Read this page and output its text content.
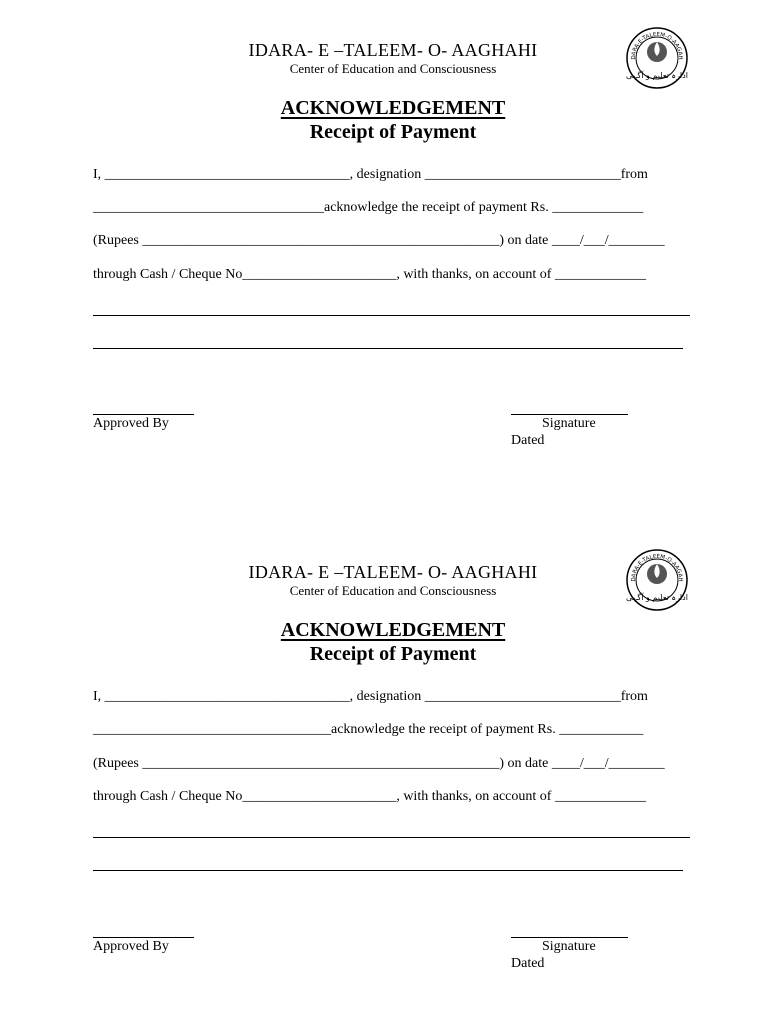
IDARA- E –TALEEM- O- AAGHAHI
Center of Education and Consciousness
DARA-E-TALEEM-O-AAGAH
ادارہ تعلیم و آگہی
ACKNOWLEDGEMENT
Receipt of Payment
I, ___________________________________, designation ____________________________from
_________________________________acknowledge the receipt of payment Rs. _____________
(Rupees ___________________________________________________) on date ____/___/________
through Cash / Cheque No______________________, with thanks, on account of _____________
Approved By	Signature
Dated
IDARA- E –TALEEM- O- AAGHAHI
Center of Education and Consciousness
DARA-E-TALEEM-O-AAGAH
ادارہ تعلیم و آگہی
ACKNOWLEDGEMENT
Receipt of Payment
I, ___________________________________, designation ____________________________from
__________________________________acknowledge the receipt of payment Rs. ____________
(Rupees ___________________________________________________) on date ____/___/________
through Cash / Cheque No______________________, with thanks, on account of _____________
Approved By	Signature
Dated
